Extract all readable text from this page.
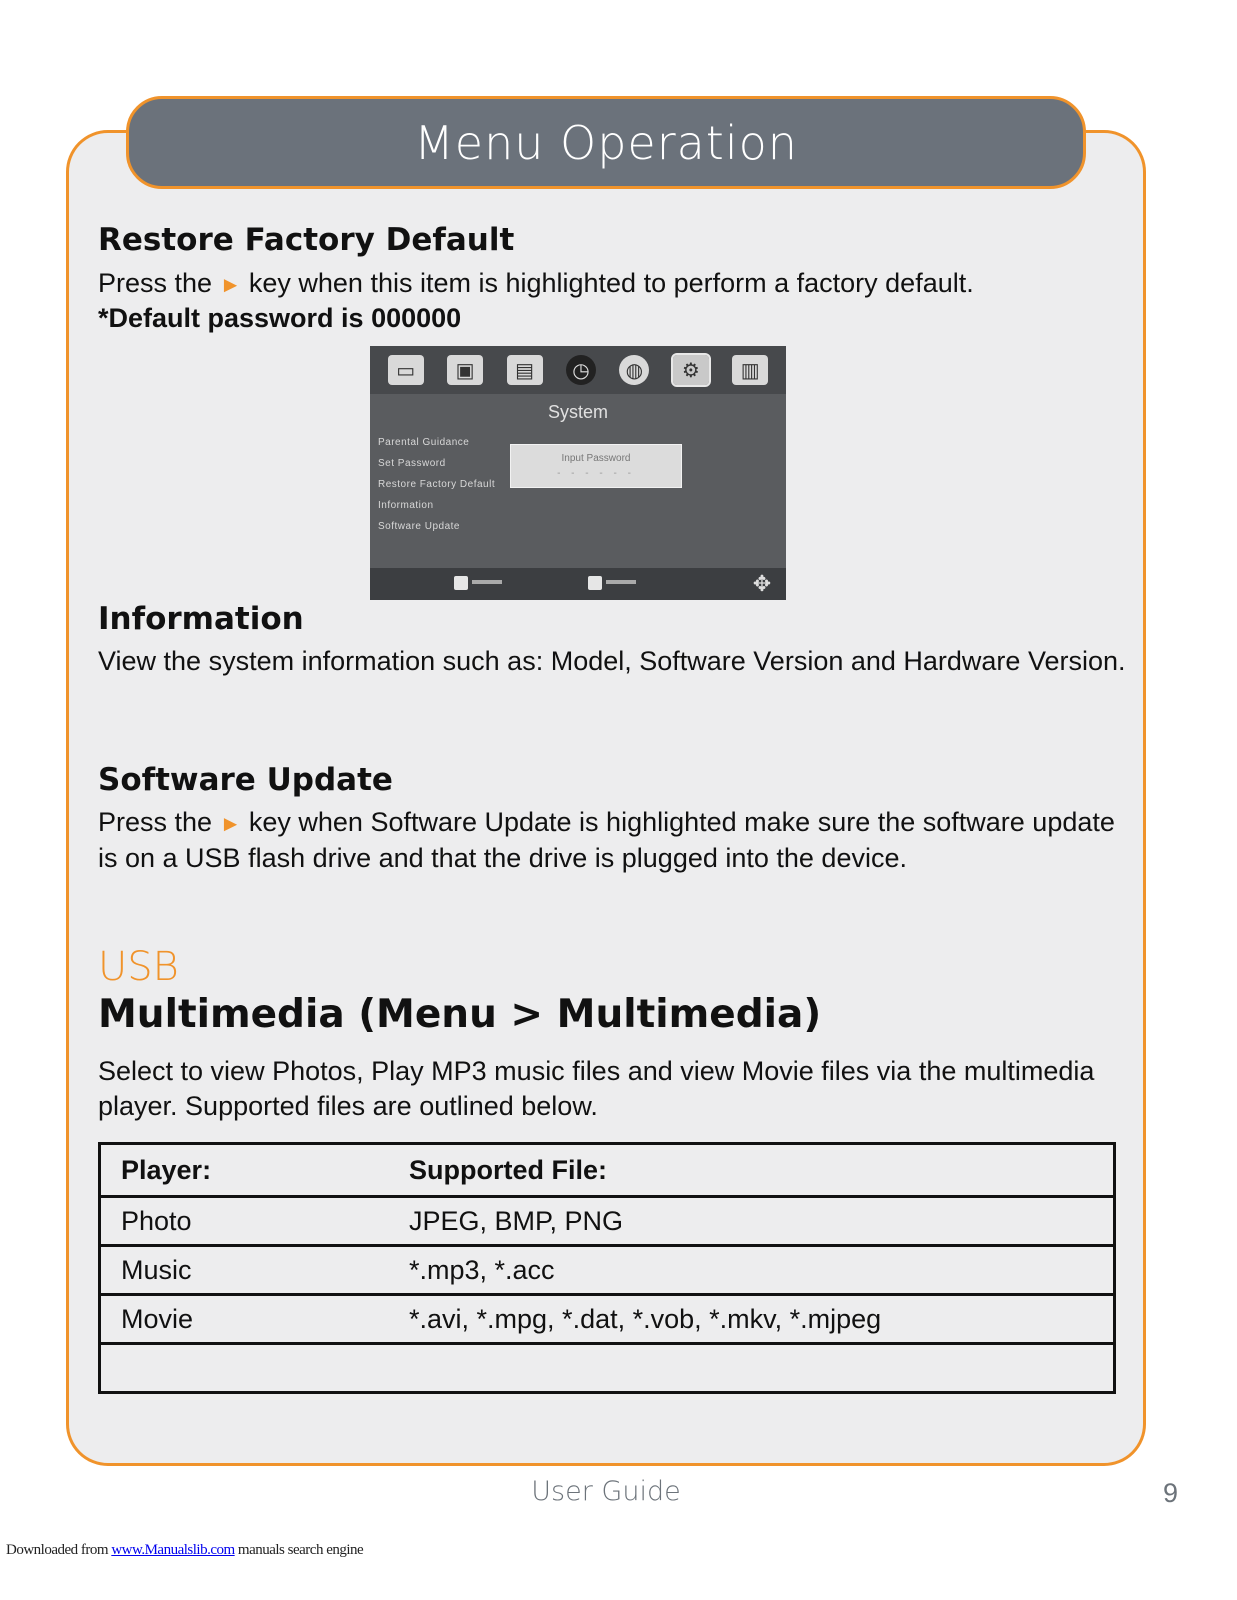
Menu Operation
Restore Factory Default

Press the ► key when this item is highlighted to perform a factory default.

*Default password is 000000

▭	▣	▤	◷	◍	⚙	▥
System
Parental Guidance
Set Password
Restore Factory Default
Information
Software Update
Input Password
- - - - - -
✥
Information

View the system information such as: Model, Software Version and Hardware Version.

Software Update

Press the ► key when Software Update is highlighted make sure the software update is on a USB flash drive and that the drive is plugged into the device.

USB
Multimedia (Menu > Multimedia)

Select to view Photos, Play MP3 music files and view Movie files via the multimedia player. Supported files are outlined below.

Player:	Supported File:
Photo	JPEG, BMP, PNG
Music	*.mp3, *.acc
Movie	*.avi, *.mpg, *.dat, *.vob, *.mkv, *.mjpeg

User Guide	9
Downloaded from www.Manualslib.com manuals search engine
